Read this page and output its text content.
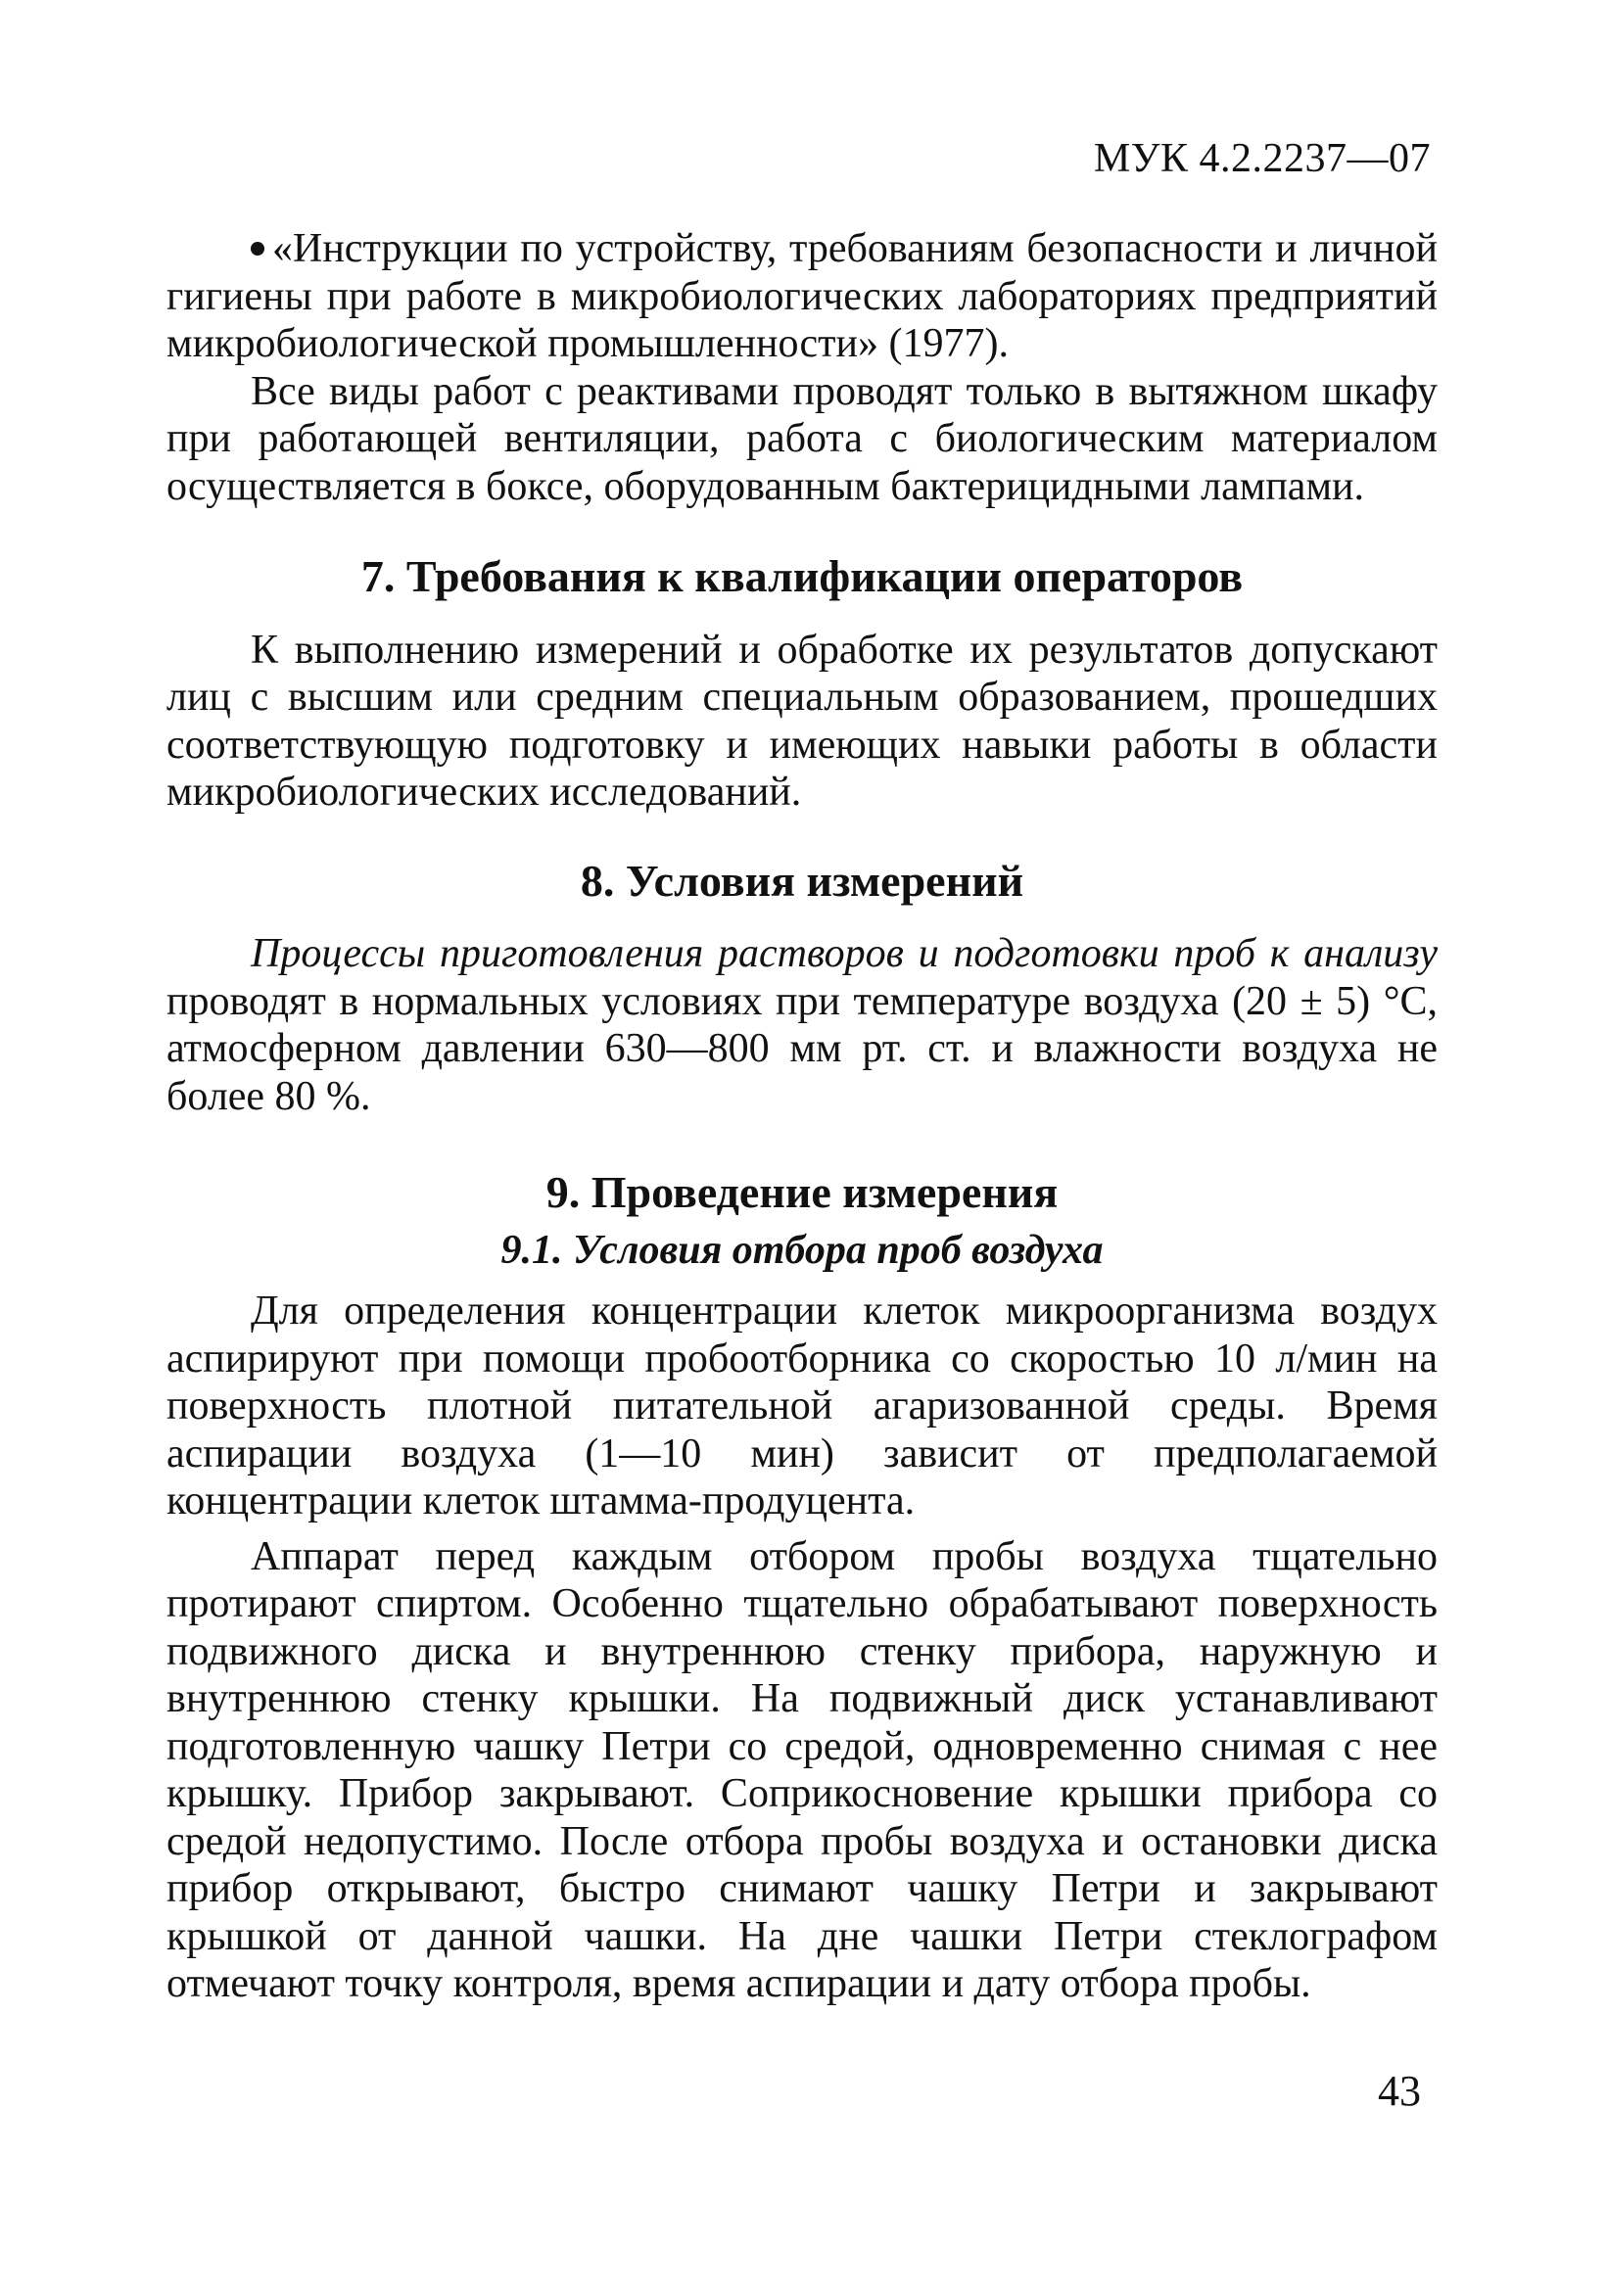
МУК 4.2.2237—07

«Инструкции по устройству, требованиям безопасности и личной гигиены при работе в микробиологических лабораториях предприятий микробиологической промышленности» (1977).

Все виды работ с реактивами проводят только в вытяжном шкафу при работающей вентиляции, работа с биологическим материалом осуществляется в боксе, оборудованным бактерицидными лампами.

7. Требования к квалификации операторов

К выполнению измерений и обработке их результатов допускают лиц с высшим или средним специальным образованием, прошедших соответствующую подготовку и имеющих навыки работы в области микробиологических исследований.

8. Условия измерений

Процессы приготовления растворов и подготовки проб к анализу проводят в нормальных условиях при температуре воздуха (20 ± 5) °С, атмосферном давлении 630—800 мм рт. ст. и влажности воздуха не более 80 %.

9. Проведение измерения
9.1. Условия отбора проб воздуха

Для определения концентрации клеток микроорганизма воздух аспирируют при помощи пробоотборника со скоростью 10 л/мин на поверхность плотной питательной агаризованной среды. Время аспирации воздуха (1—10 мин) зависит от предполагаемой концентрации клеток штамма-продуцента.

Аппарат перед каждым отбором пробы воздуха тщательно протирают спиртом. Особенно тщательно обрабатывают поверхность подвижного диска и внутреннюю стенку прибора, наружную и внутреннюю стенку крышки. На подвижный диск устанавливают подготовленную чашку Петри со средой, одновременно снимая с нее крышку. Прибор закрывают. Соприкосновение крышки прибора со средой недопустимо. После отбора пробы воздуха и остановки диска прибор открывают, быстро снимают чашку Петри и закрывают крышкой от данной чашки. На дне чашки Петри стеклографом отмечают точку контроля, время аспирации и дату отбора пробы.

43
